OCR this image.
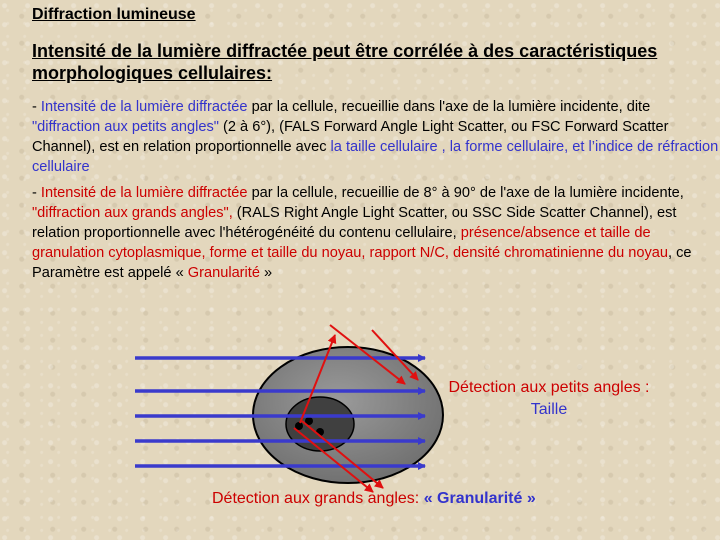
Diffraction lumineuse
Intensité de la lumière diffractée peut être corrélée à des caractéristiques morphologiques cellulaires:

- Intensité de la lumière diffractée par la cellule, recueillie dans l'axe de la lumière incidente, dite "diffraction aux petits angles" (2 à 6°), (FALS Forward Angle Light Scatter, ou FSC Forward Scatter Channel), est en relation proportionnelle avec la taille cellulaire , la forme cellulaire, et l’indice de réfraction cellulaire

- Intensité de la lumière diffractée par la cellule, recueillie de 8° à 90° de l'axe de la lumière incidente, "diffraction aux grands angles", (RALS Right Angle Light Scatter, ou SSC Side Scatter Channel), est relation proportionnelle avec l'hétérogénéité du contenu cellulaire, présence/absence et taille de granulation cytoplasmique, forme et taille du noyau, rapport N/C, densité chromatinienne du noyau, ce Paramètre est appelé « Granularité »

Détection aux petits angles :
Taille
Détection aux grands angles: « Granularité »
